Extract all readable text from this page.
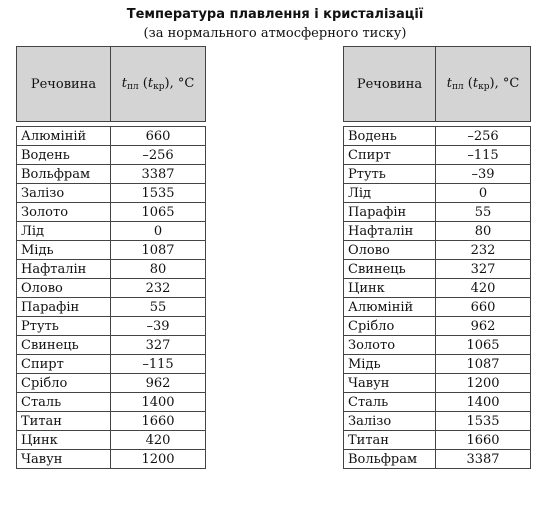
Температура плавлення і кристалізації
(за нормального атмосферного тиску)
Речовина	$t_{пл}$ $(t_{кр})$, °C

Алюміній	660
Водень	–256
Вольфрам	3387
Залізо	1535
Золото	1065
Лід	0
Мідь	1087
Нафталін	80
Олово	232
Парафін	55
Ртуть	–39
Свинець	327
Спирт	–115
Срібло	962
Сталь	1400
Титан	1660
Цинк	420
Чавун	1200
Речовина	$t_{пл}$ $(t_{кр})$, °C

Водень	–256
Спирт	–115
Ртуть	–39
Лід	0
Парафін	55
Нафталін	80
Олово	232
Свинець	327
Цинк	420
Алюміній	660
Срібло	962
Золото	1065
Мідь	1087
Чавун	1200
Сталь	1400
Залізо	1535
Титан	1660
Вольфрам	3387
